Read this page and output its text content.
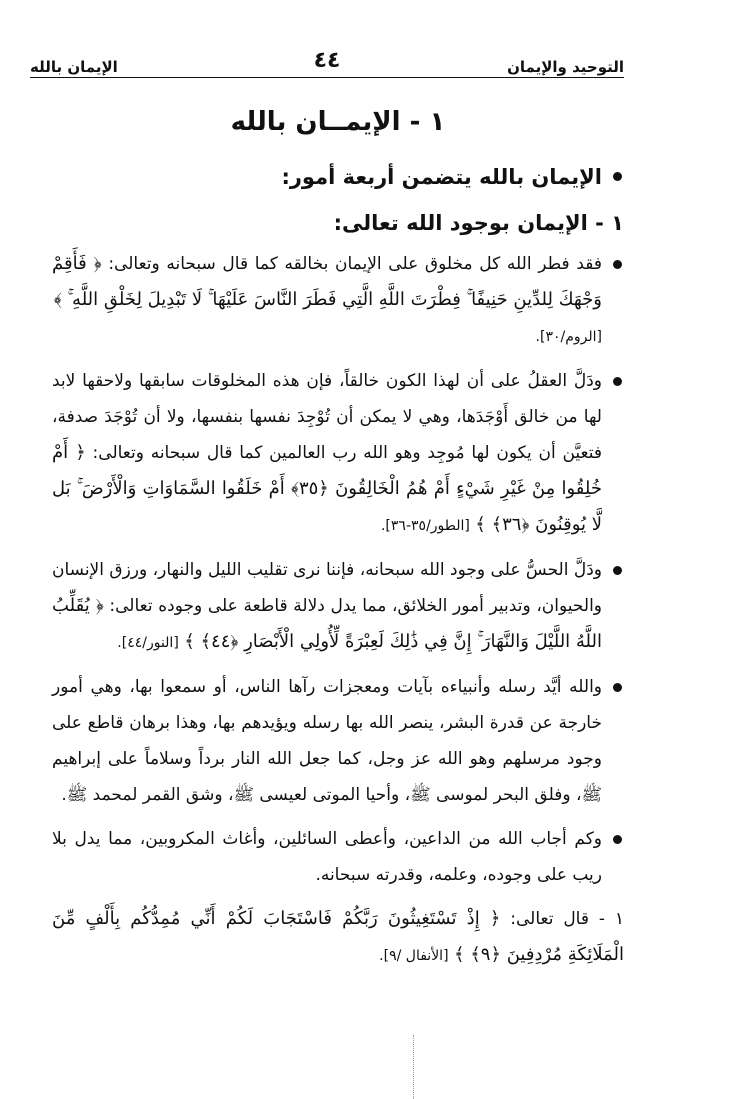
التوحيد والإيمان
٤٤
الإيمان بالله
١ - الإيمــان بالله
الإيمان بالله يتضمن أربعة أمور:
١ - الإيمان بوجود الله تعالى:
فقد فطر الله كل مخلوق على الإيمان بخالقه كما قال سبحانه وتعالى: ﴿ فَأَقِمْ وَجْهَكَ لِلدِّينِ حَنِيفًا ۚ فِطْرَتَ اللَّهِ الَّتِي فَطَرَ النَّاسَ عَلَيْهَا ۚ لَا تَبْدِيلَ لِخَلْقِ اللَّهِ ۚ ﴾
[الروم/٣٠].
ودَلَّ العقلُ على أن لهذا الكون خالقاً، فإن هذه المخلوقات سابقها ولاحقها لابد لها من خالق أَوْجَدَها، وهي لا يمكن أن تُوْجِدَ نفسها بنفسها، ولا أن تُوْجَدَ صدفة، فتعيَّن أن يكون لها مُوجِد وهو الله رب العالمين كما قال سبحانه وتعالى: ﴿ أَمْ خُلِقُوا مِنْ غَيْرِ شَيْءٍ أَمْ هُمُ الْخَالِقُونَ ﴿٣٥﴾ أَمْ خَلَقُوا السَّمَاوَاتِ وَالْأَرْضَ ۚ بَل لَّا يُوقِنُونَ ﴿٣٦﴾ ﴾ [الطور/٣٥-٣٦].
ودَلَّ الحسُّ على وجود الله سبحانه، فإننا نرى تقليب الليل والنهار، ورزق الإنسان والحيوان، وتدبير أمور الخلائق، مما يدل دلالة قاطعة على وجوده تعالى: ﴿ يُقَلِّبُ اللَّهُ اللَّيْلَ وَالنَّهَارَ ۚ إِنَّ فِي ذَٰلِكَ لَعِبْرَةً لِّأُولِي الْأَبْصَارِ ﴿٤٤﴾ ﴾ [النور/٤٤].
والله أيَّد رسله وأنبياءه بآيات ومعجزات رآها الناس، أو سمعوا بها، وهي أمور خارجة عن قدرة البشر، ينصر الله بها رسله ويؤيدهم بها، وهذا برهان قاطع على وجود مرسلهم وهو الله عز وجل، كما جعل الله النار برداً وسلاماً على إبراهيم ﷺ، وفلق البحر لموسى ﷺ، وأحيا الموتى لعيسى ﷺ، وشق القمر لمحمد ﷺ.
وكم أجاب الله من الداعين، وأعطى السائلين، وأغاث المكروبين، مما يدل بلا ريب على وجوده، وعلمه، وقدرته سبحانه.
١ - قال تعالى: ﴿ إِذْ تَسْتَغِيثُونَ رَبَّكُمْ فَاسْتَجَابَ لَكُمْ أَنِّي مُمِدُّكُم بِأَلْفٍ مِّنَ الْمَلَائِكَةِ مُرْدِفِينَ ﴿٩﴾ ﴾ [الأنفال /٩].
